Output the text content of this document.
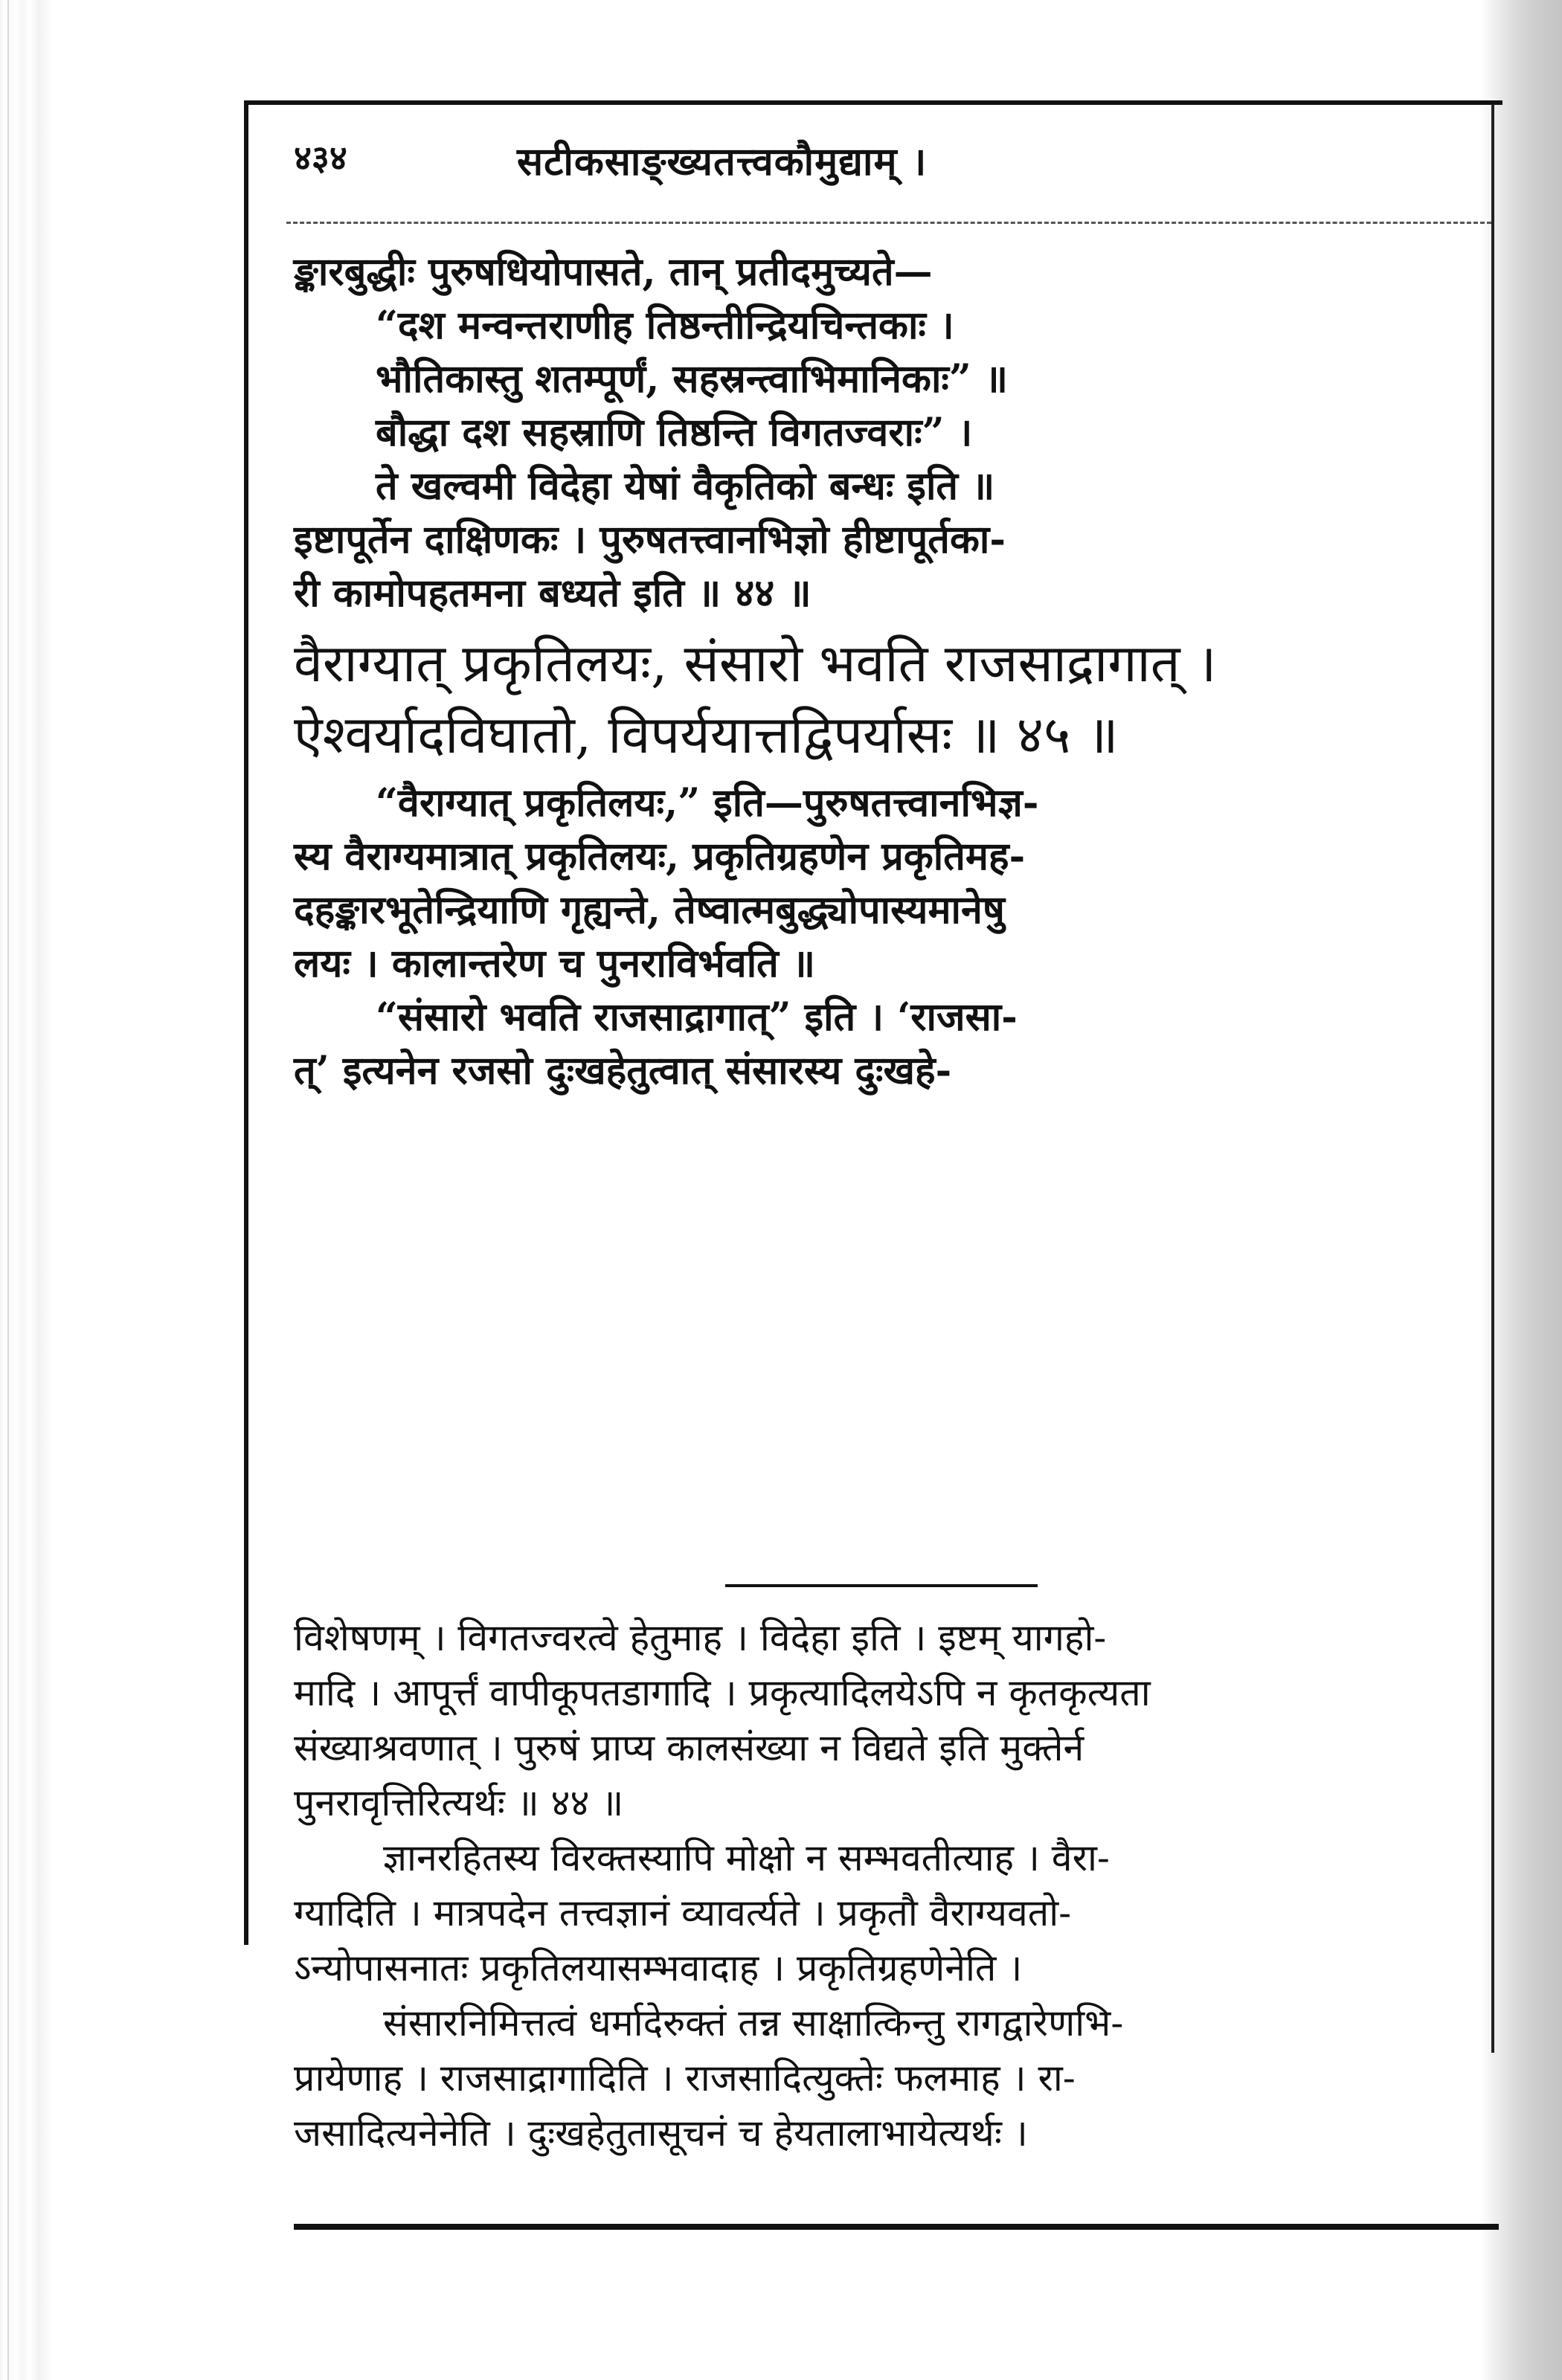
४३४	सटीकसाङ्ख्यतत्त्वकौमुद्याम् ।
ङ्कारबुद्धीः पुरुषधियोपासते, तान् प्रतीदमुच्यते—
“दश मन्वन्तराणीह तिष्ठन्तीन्द्रियचिन्तकाः ।
भौतिकास्तु शतम्पूर्णं, सहस्रन्त्वाभिमानिकाः” ॥
बौद्धा दश सहस्राणि तिष्ठन्ति विगतज्वराः” ।
ते खल्वमी विदेहा येषां वैकृतिको बन्धः इति ॥
इष्टापूर्तेन दाक्षिणकः । पुरुषतत्त्वानभिज्ञो हीष्टापूर्तका-
री कामोपहतमना बध्यते इति ॥ ४४ ॥
वैराग्यात् प्रकृतिलयः, संसारो भवति राजसाद्रागात् ।
ऐश्वर्यादविघातो, विपर्ययात्तद्विपर्यासः ॥ ४५ ॥
“वैराग्यात् प्रकृतिलयः,” इति—पुरुषतत्त्वानभिज्ञ-
स्य वैराग्यमात्रात् प्रकृतिलयः, प्रकृतिग्रहणेन प्रकृतिमह-
दहङ्कारभूतेन्द्रियाणि गृह्यन्ते, तेष्वात्मबुद्ध्योपास्यमानेषु
लयः । कालान्तरेण च पुनराविर्भवति ॥
“संसारो भवति राजसाद्रागात्” इति । ‘राजसा-
त्’ इत्यनेन रजसो दुःखहेतुत्वात् संसारस्य दुःखहे-
विशेषणम् । विगतज्वरत्वे हेतुमाह । विदेहा इति । इष्टम् यागहो-
मादि । आपूर्त्तं वापीकूपतडागादि । प्रकृत्यादिलयेऽपि न कृतकृत्यता
संख्याश्रवणात् । पुरुषं प्राप्य कालसंख्या न विद्यते इति मुक्तेर्न
पुनरावृत्तिरित्यर्थः ॥ ४४ ॥
ज्ञानरहितस्य विरक्तस्यापि मोक्षो न सम्भवतीत्याह । वैरा-
ग्यादिति । मात्रपदेन तत्त्वज्ञानं व्यावर्त्यते । प्रकृतौ वैराग्यवतो-
ऽन्योपासनातः प्रकृतिलयासम्भवादाह । प्रकृतिग्रहणेनेति ।
संसारनिमित्तत्वं धर्मादेरुक्तं तन्न साक्षात्किन्तु रागद्वारेणभि-
प्रायेणाह । राजसाद्रागादिति । राजसादित्युक्तेः फलमाह । रा-
जसादित्यनेनेति । दुःखहेतुतासूचनं च हेयतालाभायेत्यर्थः ।
